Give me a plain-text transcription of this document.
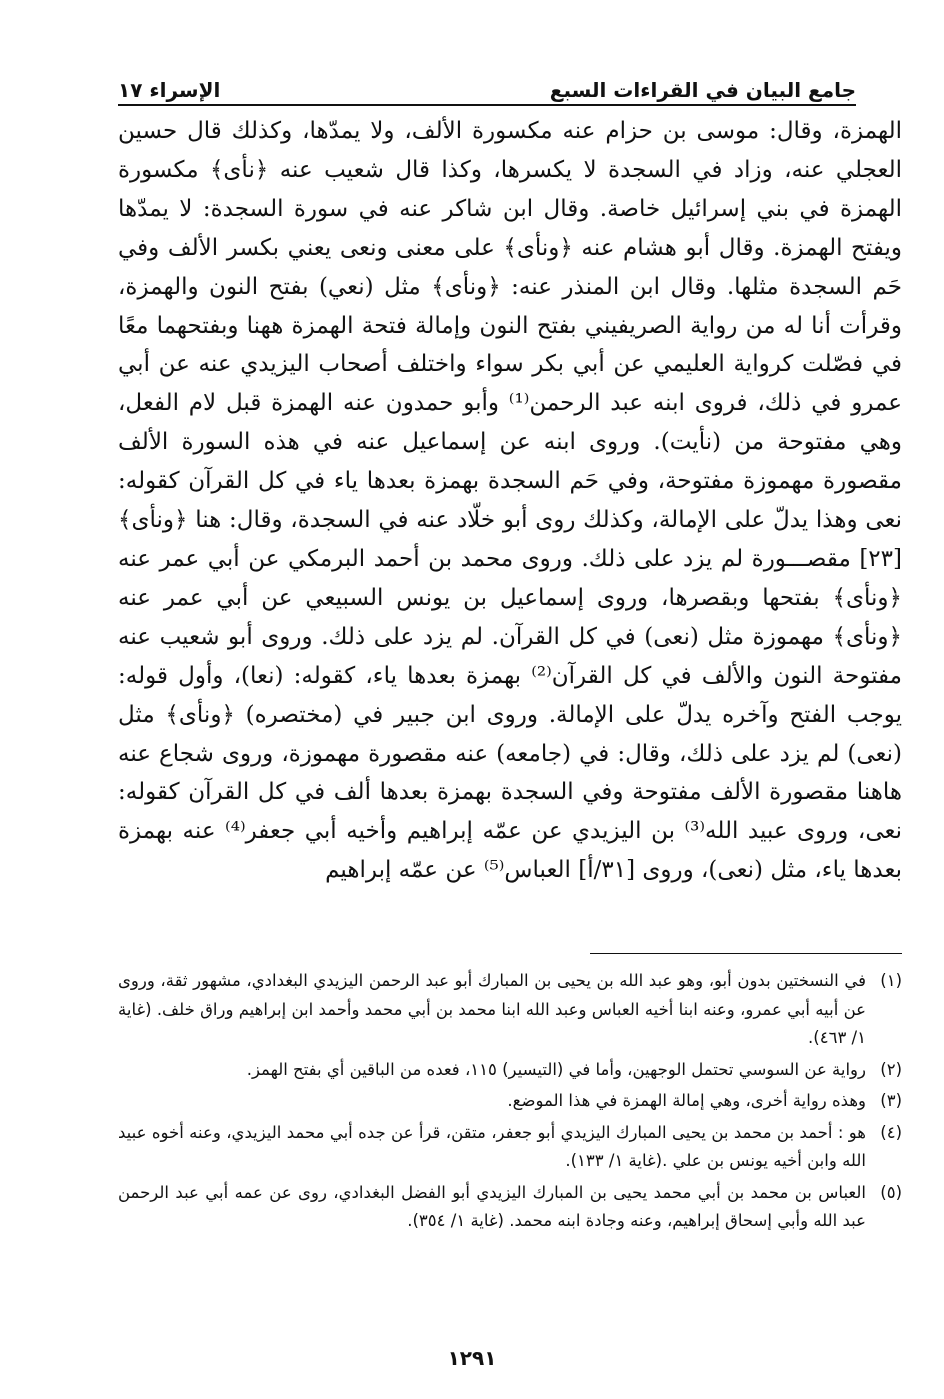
جامع البيان في القراءات السبع
الإسراء ١٧

الهمزة، وقال: موسى بن حزام عنه مكسورة الألف، ولا يمدّها، وكذلك قال حسين العجلي عنه، وزاد في السجدة لا يكسرها، وكذا قال شعيب عنه ﴿نأى﴾ مكسورة الهمزة في بني إسرائيل خاصة. وقال ابن شاكر عنه في سورة السجدة: لا يمدّها ويفتح الهمزة. وقال أبو هشام عنه ﴿ونأى﴾ على معنى ونعى يعني بكسر الألف وفي حَم السجدة مثلها. وقال ابن المنذر عنه: ﴿ونأى﴾ مثل (نعي) بفتح النون والهمزة، وقرأت أنا له من رواية الصريفيني بفتح النون وإمالة فتحة الهمزة ههنا وبفتحهما معًا في فصّلت كرواية العليمي عن أبي بكر سواء واختلف أصحاب اليزيدي عنه عن أبي عمرو في ذلك، فروى ابنه عبد الرحمن⁽¹⁾ وأبو حمدون عنه الهمزة قبل لام الفعل، وهي مفتوحة من (نأيت). وروى ابنه عن إسماعيل عنه في هذه السورة الألف مقصورة مهموزة مفتوحة، وفي حَم السجدة بهمزة بعدها ياء في كل القرآن كقوله: نعى وهذا يدلّ على الإمالة، وكذلك روى أبو خلّاد عنه في السجدة، وقال: هنا ﴿ونأى﴾ [٢٣] مقصـــورة لم يزد على ذلك. وروى محمد بن أحمد البرمكي عن أبي عمر عنه ﴿ونأى﴾ بفتحها وبقصرها، وروى إسماعيل بن يونس السبيعي عن أبي عمر عنه ﴿ونأى﴾ مهموزة مثل (نعى) في كل القرآن. لم يزد على ذلك. وروى أبو شعيب عنه مفتوحة النون والألف في كل القرآن⁽²⁾ بهمزة بعدها ياء، كقوله: (نعا)، وأول قوله: يوجب الفتح وآخره يدلّ على الإمالة. وروى ابن جبير في (مختصره) ﴿ونأى﴾ مثل (نعى) لم يزد على ذلك، وقال: في (جامعه) عنه مقصورة مهموزة، وروى شجاع عنه هاهنا مقصورة الألف مفتوحة وفي السجدة بهمزة بعدها ألف في كل القرآن كقوله: نعى، وروى عبيد الله⁽³⁾ بن اليزيدي عن عمّه إبراهيم وأخيه أبي جعفر⁽⁴⁾ عنه بهمزة بعدها ياء، مثل (نعى)، وروى [٣١/أ] العباس⁽⁵⁾ عن عمّه إبراهيم

(١)
في النسختين بدون أبو، وهو عبد الله بن يحيى بن المبارك أبو عبد الرحمن اليزيدي البغدادي، مشهور ثقة، وروى عن أبيه أبي عمرو، وعنه ابنا أخيه العباس وعبد الله ابنا محمد بن أبي محمد وأحمد ابن إبراهيم وراق خلف. (غاية ١/ ٤٦٣).
(٢)
رواية عن السوسي تحتمل الوجهين، وأما في (التيسير) ١١٥، فعده من الباقين أي بفتح الهمز.
(٣)
وهذه رواية أخرى، وهي إمالة الهمزة في هذا الموضع.
(٤)
هو : أحمد بن محمد بن يحيى المبارك اليزيدي أبو جعفر، متقن، قرأ عن جده أبي محمد اليزيدي، وعنه أخوه عبيد الله وابن أخيه يونس بن علي .(غاية ١/ ١٣٣).
(٥)
العباس بن محمد بن أبي محمد يحيى بن المبارك اليزيدي أبو الفضل البغدادي، روى عن عمه أبي عبد الرحمن عبد الله وأبي إسحاق إبراهيم، وعنه وجادة ابنه محمد. (غاية ١/ ٣٥٤).
١٢٩١
